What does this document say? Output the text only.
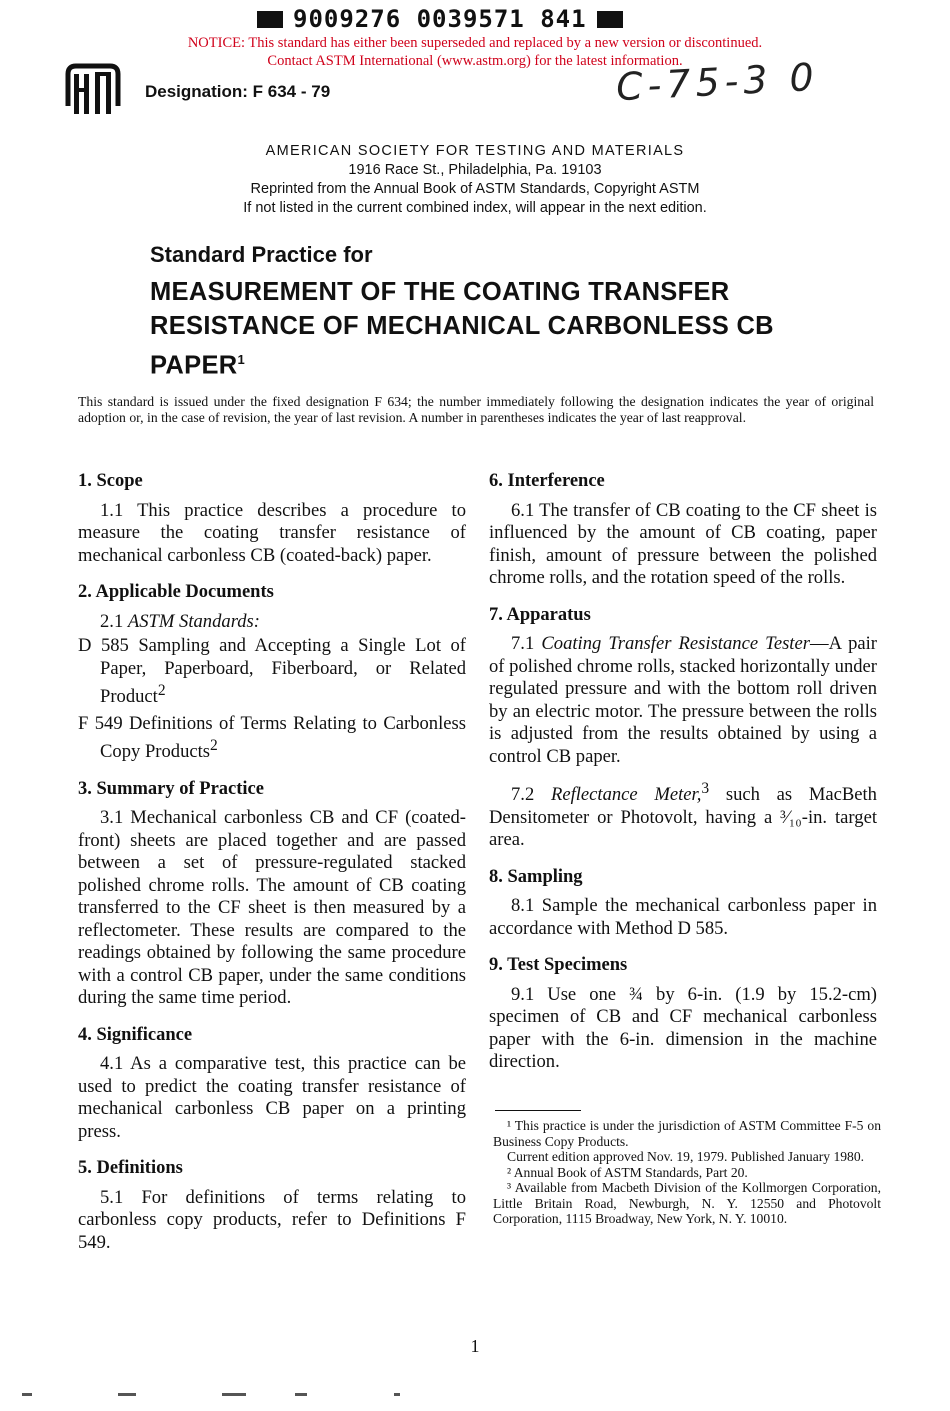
9009276 0039571 841
NOTICE: This standard has either been superseded and replaced by a new version or discontinued.
Contact ASTM International (www.astm.org) for the latest information.
Designation: F 634 - 79	C-75-3 0
AMERICAN SOCIETY FOR TESTING AND MATERIALS
1916 Race St., Philadelphia, Pa. 19103
Reprinted from the Annual Book of ASTM Standards, Copyright ASTM
If not listed in the current combined index, will appear in the next edition.
Standard Practice for
MEASUREMENT OF THE COATING TRANSFER RESISTANCE OF MECHANICAL CARBONLESS CB PAPER$^1$
This standard is issued under the fixed designation F 634; the number immediately following the designation indicates the year of original adoption or, in the case of revision, the year of last revision. A number in parentheses indicates the year of last reapproval.
1. Scope

1.1 This practice describes a procedure to measure the coating transfer resistance of mechanical carbonless CB (coated-back) paper.

2. Applicable Documents

2.1 ASTM Standards:

D 585 Sampling and Accepting a Single Lot of Paper, Paperboard, Fiberboard, or Related Product$^2$
F 549 Definitions of Terms Relating to Carbonless Copy Products$^2$
3. Summary of Practice

3.1 Mechanical carbonless CB and CF (coated-front) sheets are placed together and are passed between a set of pressure-regulated stacked polished chrome rolls. The amount of CB coating transferred to the CF sheet is then measured by a reflectometer. These results are compared to the readings obtained by following the same procedure with a control CB paper, under the same conditions during the same time period.

4. Significance

4.1 As a comparative test, this practice can be used to predict the coating transfer resistance of mechanical carbonless CB paper on a printing press.

5. Definitions

5.1 For definitions of terms relating to carbonless copy products, refer to Definitions F 549.

6. Interference

6.1 The transfer of CB coating to the CF sheet is influenced by the amount of CB coating, paper finish, amount of pressure between the polished chrome rolls, and the rotation speed of the rolls.

7. Apparatus

7.1 Coating Transfer Resistance Tester—A pair of polished chrome rolls, stacked horizontally under regulated pressure and with the bottom roll driven by an electric motor. The pressure between the rolls is adjusted from the results obtained by using a control CB paper.

7.2 Reflectance Meter,$^3$ such as MacBeth Densitometer or Photovolt, having a ³⁄₁₀-in. target area.

8. Sampling

8.1 Sample the mechanical carbonless paper in accordance with Method D 585.

9. Test Specimens

9.1 Use one ¾ by 6-in. (1.9 by 15.2-cm) specimen of CB and CF mechanical carbonless paper with the 6-in. dimension in the machine direction.

¹ This practice is under the jurisdiction of ASTM Committee F-5 on Business Copy Products.

Current edition approved Nov. 19, 1979. Published January 1980.

² Annual Book of ASTM Standards, Part 20.

³ Available from Macbeth Division of the Kollmorgen Corporation, Little Britain Road, Newburgh, N. Y. 12550 and Photovolt Corporation, 1115 Broadway, New York, N. Y. 10010.

1
